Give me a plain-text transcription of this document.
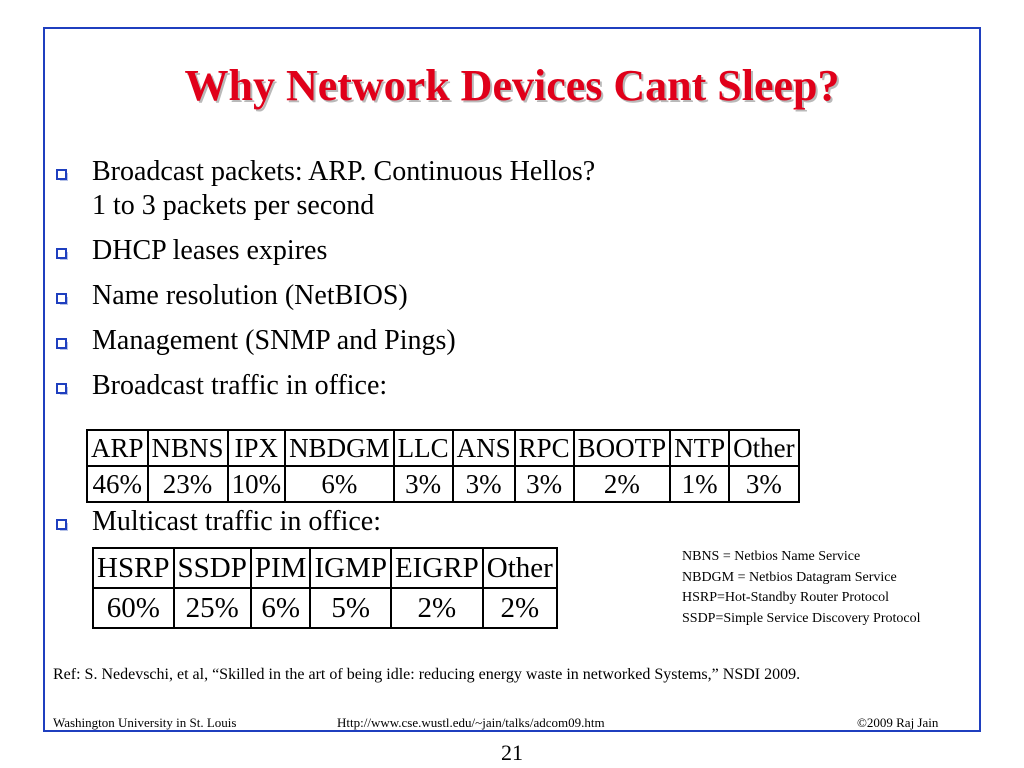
Why Network Devices Cant Sleep?
Broadcast packets: ARP. Continuous Hellos?
1 to 3 packets per second
DHCP leases expires
Name resolution (NetBIOS)
Management (SNMP and Pings)
Broadcast traffic in office:
ARP	NBNS	IPX	NBDGM	LLC	ANS	RPC	BOOTP	NTP	Other
46%	23%	10%	6%	3%	3%	3%	2%	1%	3%
Multicast traffic in office:
HSRP	SSDP	PIM	IGMP	EIGRP	Other
60%	25%	6%	5%	2%	2%
NBNS = Netbios Name Service
NBDGM = Netbios Datagram Service
HSRP=Hot-Standby Router Protocol
SSDP=Simple Service Discovery Protocol
Ref: S. Nedevschi, et al, “Skilled in the art of being idle: reducing energy waste in networked Systems,” NSDI 2009.
Washington University in St. Louis	Http://www.cse.wustl.edu/~jain/talks/adcom09.htm	©2009 Raj Jain
21
